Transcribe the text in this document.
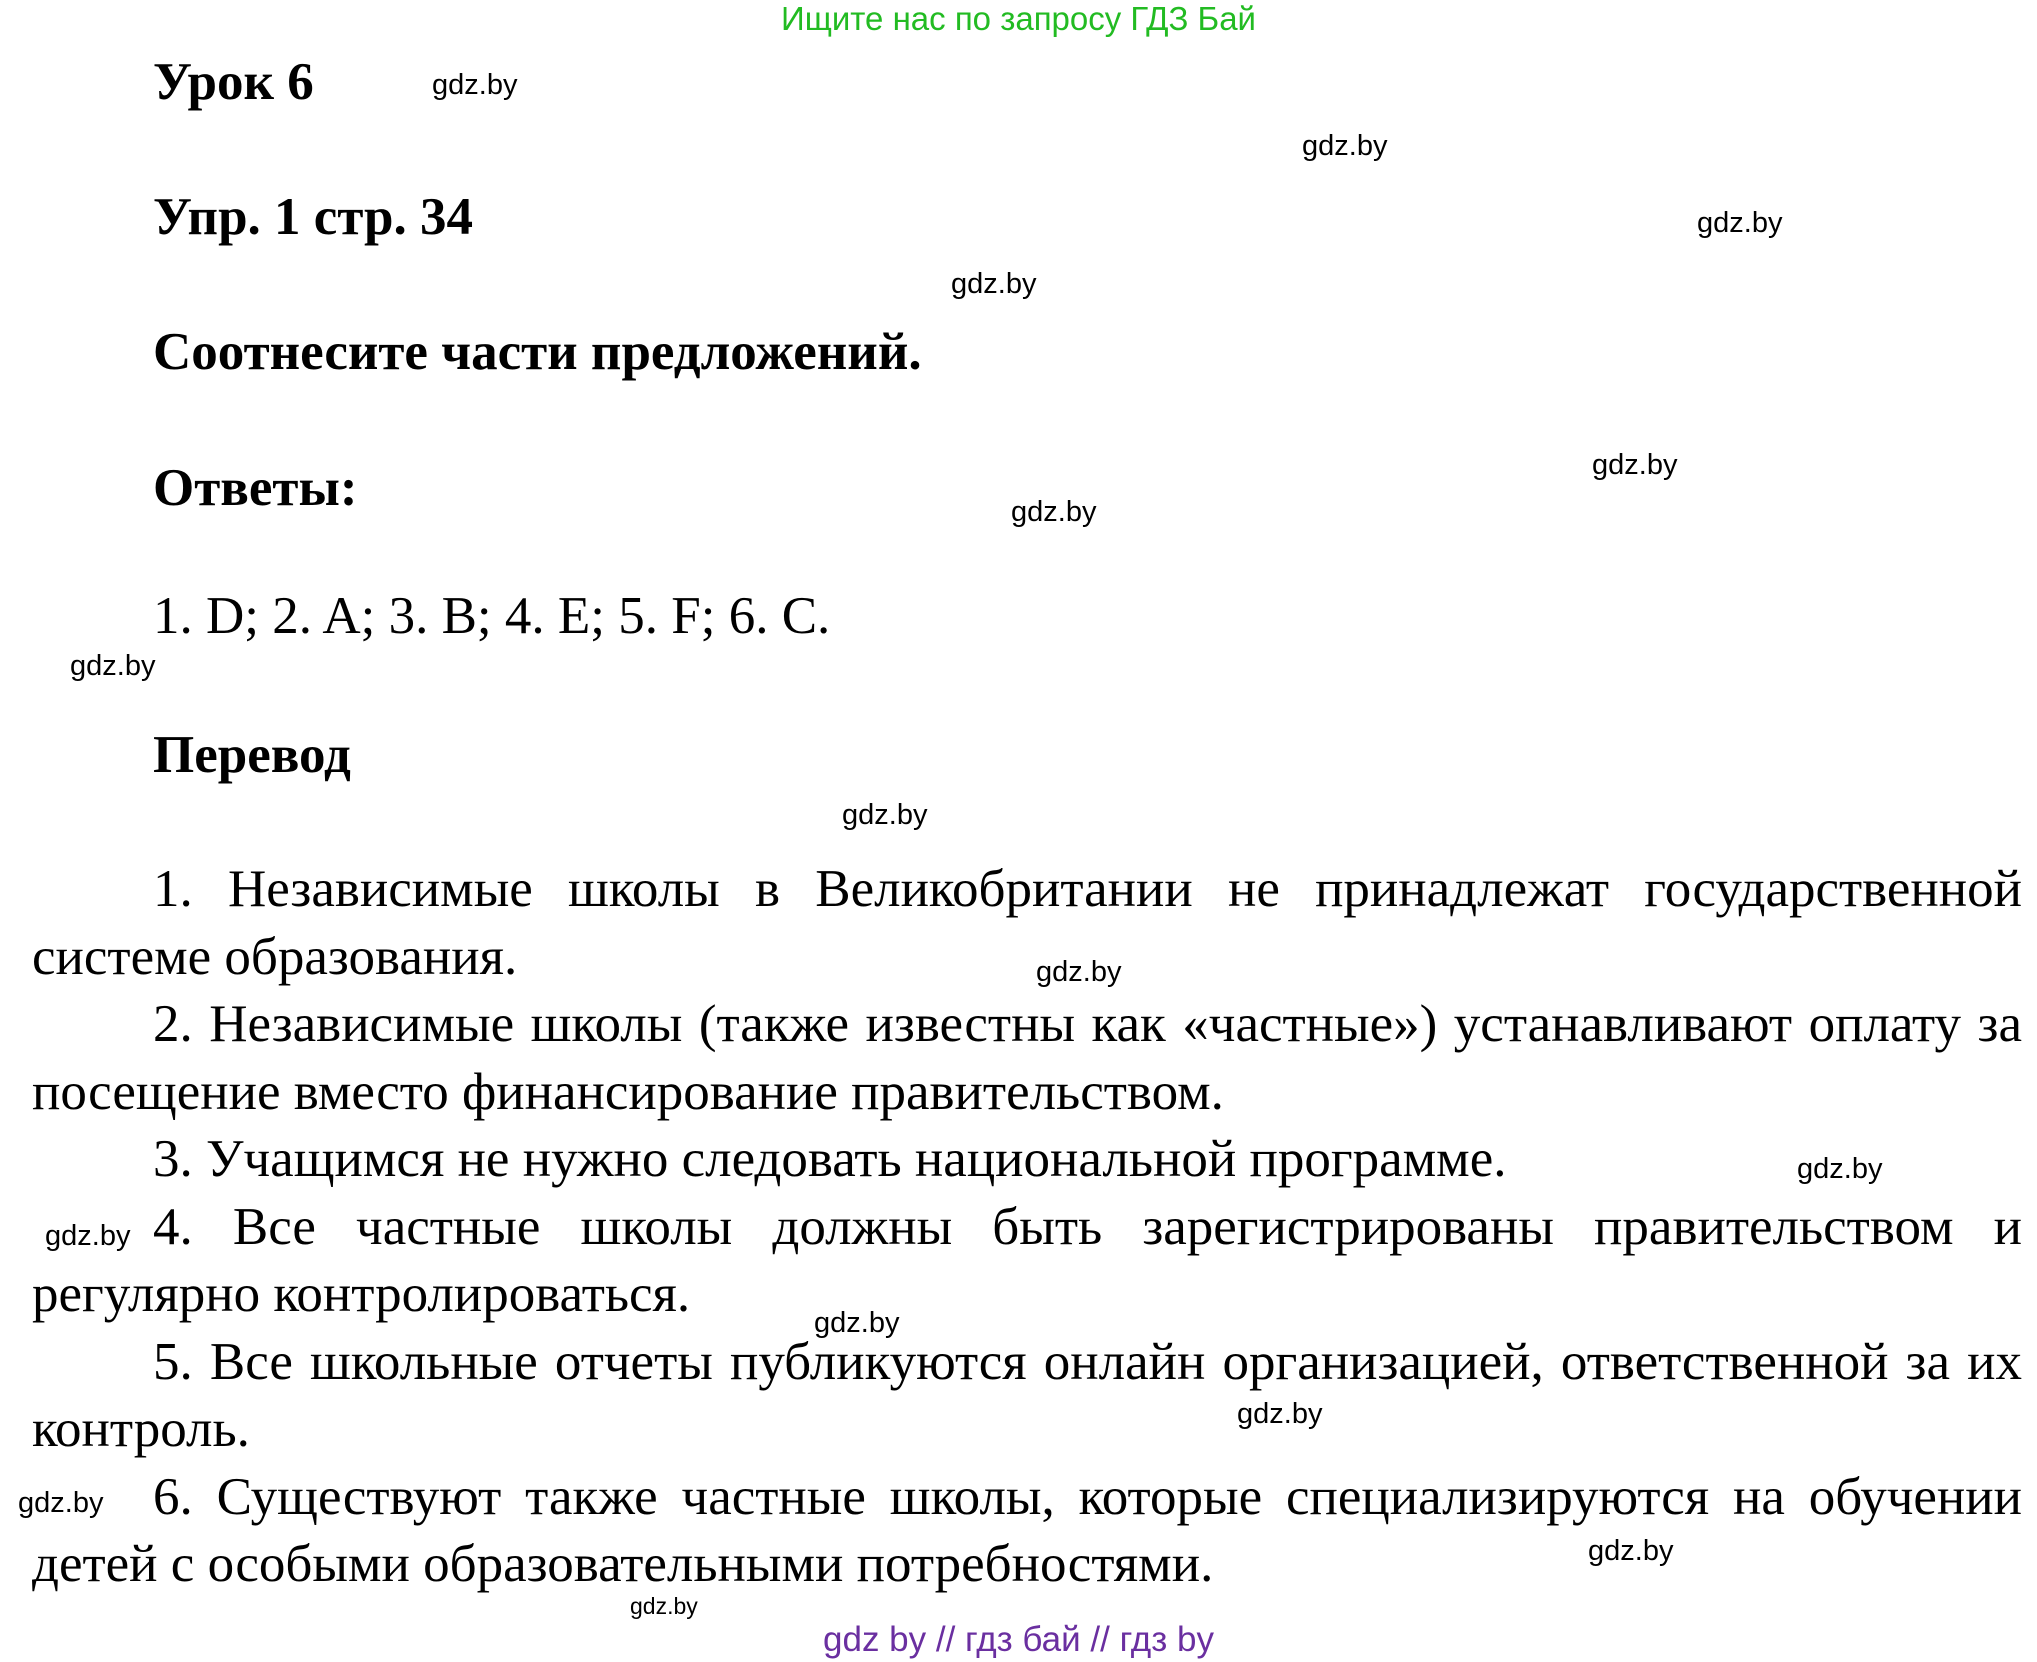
Ищите нас по запросу ГДЗ Бай
Урок 6
Упр. 1 стр. 34
Соотнесите части предложений.
Ответы:
1. D; 2. A; 3. B; 4. E; 5. F; 6. C.
Перевод

1. Независимые школы в Великобритании не принадлежат государственной системе образования.

2. Независимые школы (также известны как «частные») устанавливают оплату за посещение вместо финансирование правительством.

3. Учащимся не нужно следовать национальной программе.

4. Все частные школы должны быть зарегистрированы правительством и регулярно контролироваться.

5. Все школьные отчеты публикуются онлайн организацией, ответственной за их контроль.

6. Существуют также частные школы, которые специализируются на обучении детей с особыми образовательными потребностями.

gdz.by
gdz.by
gdz.by
gdz.by
gdz.by
gdz.by
gdz.by
gdz.by
gdz.by
gdz.by
gdz.by
gdz.by
gdz.by
gdz.by
gdz.by
gdz.by
gdz by // гдз бай // гдз by
